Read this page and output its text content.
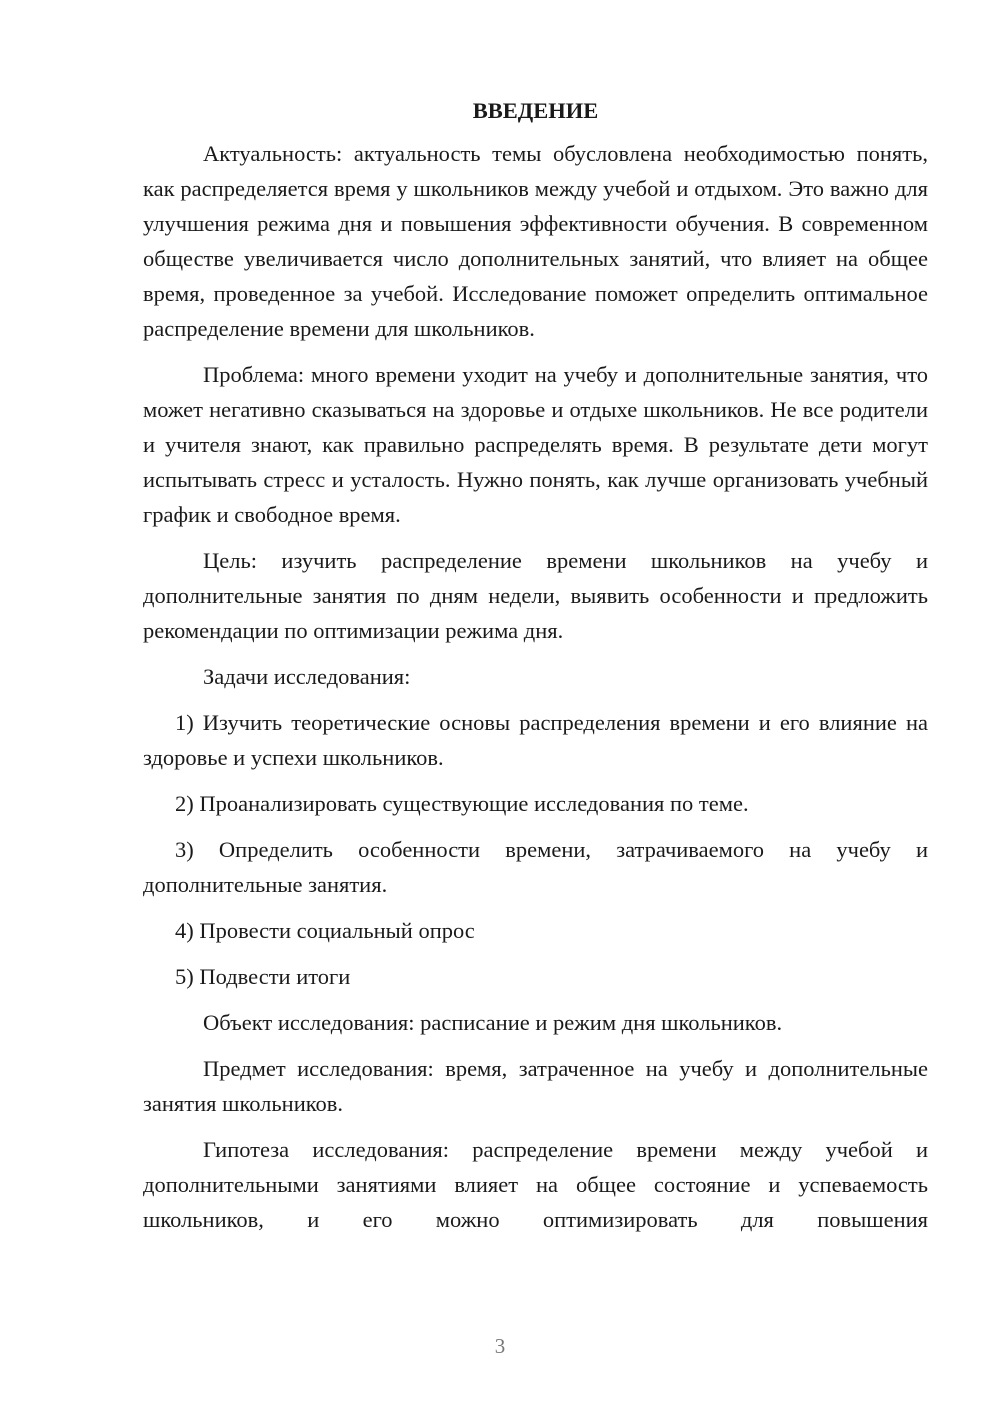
ВВЕДЕНИЕ

Актуальность: актуальность темы обусловлена необходимостью понять, как распределяется время у школьников между учебой и отдыхом. Это важно для улучшения режима дня и повышения эффективности обучения. В современном обществе увеличивается число дополнительных занятий, что влияет на общее время, проведенное за учебой. Исследование поможет определить оптимальное распределение времени для школьников.

Проблема: много времени уходит на учебу и дополнительные занятия, что может негативно сказываться на здоровье и отдыхе школьников. Не все родители и учителя знают, как правильно распределять время. В результате дети могут испытывать стресс и усталость. Нужно понять, как лучше организовать учебный график и свободное время.

Цель: изучить распределение времени школьников на учебу и дополнительные занятия по дням недели, выявить особенности и предложить рекомендации по оптимизации режима дня.

Задачи исследования:

1) Изучить теоретические основы распределения времени и его влияние на здоровье и успехи школьников.

2) Проанализировать существующие исследования по теме.

3) Определить особенности времени, затрачиваемого на учебу и дополнительные занятия.

4) Провести социальный опрос

5) Подвести итоги

Объект исследования: расписание и режим дня школьников.

Предмет исследования: время, затраченное на учебу и дополнительные занятия школьников.

Гипотеза исследования: распределение времени между учебой и дополнительными занятиями влияет на общее состояние и успеваемость школьников, и его можно оптимизировать для повышения

3
